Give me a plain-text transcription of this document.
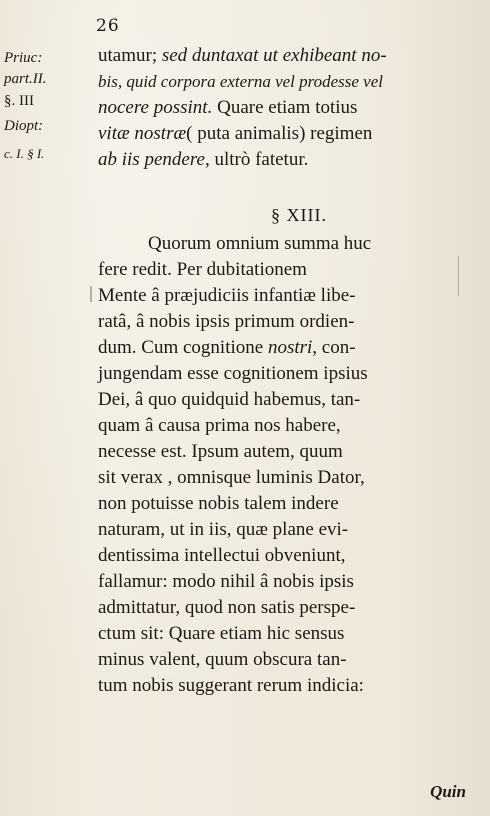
26
Priuc:
part.II.
§. III
Diopt:
c. I. § I.
utamur; sed duntaxat ut exhibeant no-
bis, quid corpora externa vel prodesse vel
nocere possint. Quare etiam totius
vitæ nostræ( puta animalis) regimen
ab iis pendere, ultrò fatetur.
§ XIII.
Quorum omnium summa huc
fere redit. Per dubitationem
Mente â præjudiciis infantiæ libe-
ratâ, â nobis ipsis primum ordien-
dum. Cum cognitione nostri, con-
jungendam esse cognitionem ipsius
Dei, â quo quidquid habemus, tan-
quam â causa prima nos habere,
necesse est. Ipsum autem, quum
sit verax , omnisque luminis Dator,
non potuisse nobis talem indere
naturam, ut in iis, quæ plane evi-
dentissima intellectui obveniunt,
fallamur: modo nihil â nobis ipsis
admittatur, quod non satis perspe-
ctum sit: Quare etiam hic sensus
minus valent, quum obscura tan-
tum nobis suggerant rerum indicia:
Quin
